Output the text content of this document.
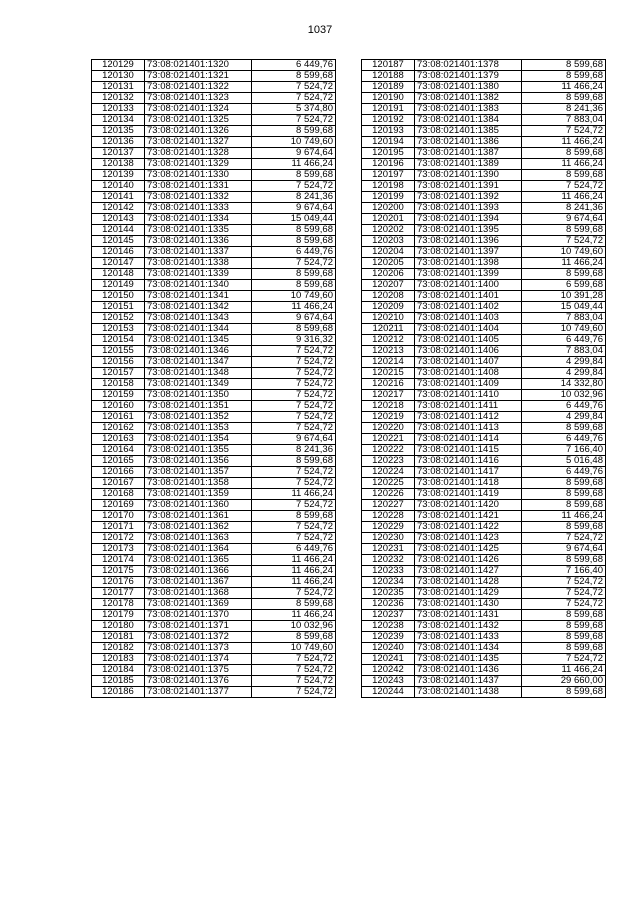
1037
120129	73:08:021401:1320	6 449,76
120130	73:08:021401:1321	8 599,68
120131	73:08:021401:1322	7 524,72
120132	73:08:021401:1323	7 524,72
120133	73:08:021401:1324	5 374,80
120134	73:08:021401:1325	7 524,72
120135	73:08:021401:1326	8 599,68
120136	73:08:021401:1327	10 749,60
120137	73:08:021401:1328	9 674,64
120138	73:08:021401:1329	11 466,24
120139	73:08:021401:1330	8 599,68
120140	73:08:021401:1331	7 524,72
120141	73:08:021401:1332	8 241,36
120142	73:08:021401:1333	9 674,64
120143	73:08:021401:1334	15 049,44
120144	73:08:021401:1335	8 599,68
120145	73:08:021401:1336	8 599,68
120146	73:08:021401:1337	6 449,76
120147	73:08:021401:1338	7 524,72
120148	73:08:021401:1339	8 599,68
120149	73:08:021401:1340	8 599,68
120150	73:08:021401:1341	10 749,60
120151	73:08:021401:1342	11 466,24
120152	73:08:021401:1343	9 674,64
120153	73:08:021401:1344	8 599,68
120154	73:08:021401:1345	9 316,32
120155	73:08:021401:1346	7 524,72
120156	73:08:021401:1347	7 524,72
120157	73:08:021401:1348	7 524,72
120158	73:08:021401:1349	7 524,72
120159	73:08:021401:1350	7 524,72
120160	73:08:021401:1351	7 524,72
120161	73:08:021401:1352	7 524,72
120162	73:08:021401:1353	7 524,72
120163	73:08:021401:1354	9 674,64
120164	73:08:021401:1355	8 241,36
120165	73:08:021401:1356	8 599,68
120166	73:08:021401:1357	7 524,72
120167	73:08:021401:1358	7 524,72
120168	73:08:021401:1359	11 466,24
120169	73:08:021401:1360	7 524,72
120170	73:08:021401:1361	8 599,68
120171	73:08:021401:1362	7 524,72
120172	73:08:021401:1363	7 524,72
120173	73:08:021401:1364	6 449,76
120174	73:08:021401:1365	11 466,24
120175	73:08:021401:1366	11 466,24
120176	73:08:021401:1367	11 466,24
120177	73:08:021401:1368	7 524,72
120178	73:08:021401:1369	8 599,68
120179	73:08:021401:1370	11 466,24
120180	73:08:021401:1371	10 032,96
120181	73:08:021401:1372	8 599,68
120182	73:08:021401:1373	10 749,60
120183	73:08:021401:1374	7 524,72
120184	73:08:021401:1375	7 524,72
120185	73:08:021401:1376	7 524,72
120186	73:08:021401:1377	7 524,72
120187	73:08:021401:1378	8 599,68
120188	73:08:021401:1379	8 599,68
120189	73:08:021401:1380	11 466,24
120190	73:08:021401:1382	8 599,68
120191	73:08:021401:1383	8 241,36
120192	73:08:021401:1384	7 883,04
120193	73:08:021401:1385	7 524,72
120194	73:08:021401:1386	11 466,24
120195	73:08:021401:1387	8 599,68
120196	73:08:021401:1389	11 466,24
120197	73:08:021401:1390	8 599,68
120198	73:08:021401:1391	7 524,72
120199	73:08:021401:1392	11 466,24
120200	73:08:021401:1393	8 241,36
120201	73:08:021401:1394	9 674,64
120202	73:08:021401:1395	8 599,68
120203	73:08:021401:1396	7 524,72
120204	73:08:021401:1397	10 749,60
120205	73:08:021401:1398	11 466,24
120206	73:08:021401:1399	8 599,68
120207	73:08:021401:1400	6 599,68
120208	73:08:021401:1401	10 391,28
120209	73:08:021401:1402	15 049,44
120210	73:08:021401:1403	7 883,04
120211	73:08:021401:1404	10 749,60
120212	73:08:021401:1405	6 449,76
120213	73:08:021401:1406	7 883,04
120214	73:08:021401:1407	4 299,84
120215	73:08:021401:1408	4 299,84
120216	73:08:021401:1409	14 332,80
120217	73:08:021401:1410	10 032,96
120218	73:08:021401:1411	6 449,76
120219	73:08:021401:1412	4 299,84
120220	73:08:021401:1413	8 599,68
120221	73:08:021401:1414	6 449,76
120222	73:08:021401:1415	7 166,40
120223	73:08:021401:1416	5 016,48
120224	73:08:021401:1417	6 449,76
120225	73:08:021401:1418	8 599,68
120226	73:08:021401:1419	8 599,68
120227	73:08:021401:1420	8 599,68
120228	73:08:021401:1421	11 466,24
120229	73:08:021401:1422	8 599,68
120230	73:08:021401:1423	7 524,72
120231	73:08:021401:1425	9 674,64
120232	73:08:021401:1426	8 599,68
120233	73:08:021401:1427	7 166,40
120234	73:08:021401:1428	7 524,72
120235	73:08:021401:1429	7 524,72
120236	73:08:021401:1430	7 524,72
120237	73:08:021401:1431	8 599,68
120238	73:08:021401:1432	8 599,68
120239	73:08:021401:1433	8 599,68
120240	73:08:021401:1434	8 599,68
120241	73:08:021401:1435	7 524,72
120242	73:08:021401:1436	11 466,24
120243	73:08:021401:1437	29 660,00
120244	73:08:021401:1438	8 599,68
